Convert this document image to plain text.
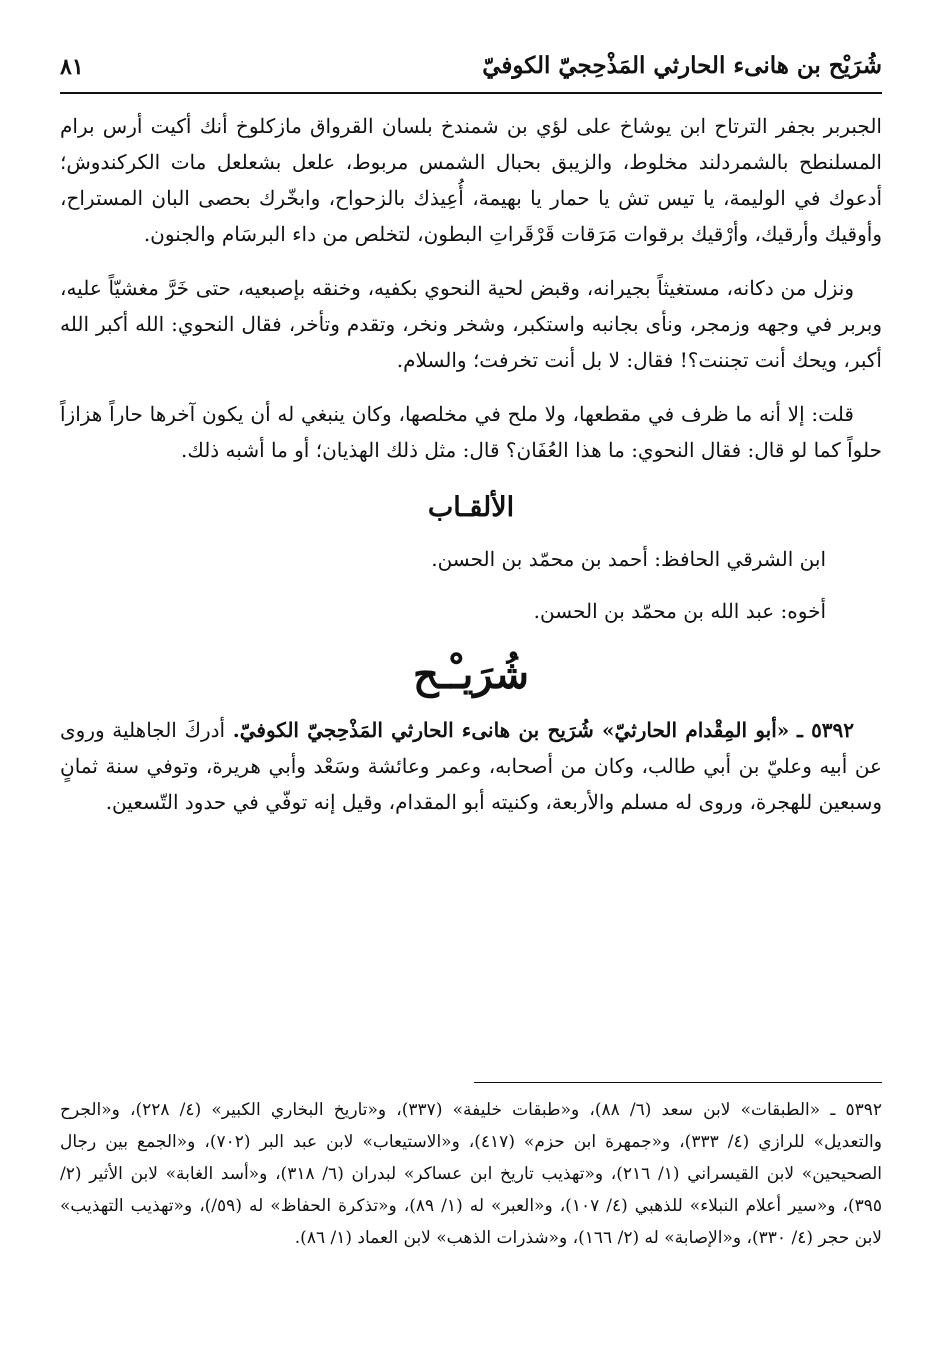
شُرَيْح بن هانىء الحارثي المَذْحِجيّ الكوفيّ
٨١

الجبربر بجفر الترتاح ابن يوشاخ على لؤي بن شمندخ بلسان القرواق مازكلوخ أنك أكيت أرس برام المسلنطح بالشمردلند مخلوط، والزيبق بحبال الشمس مربوط، علعل بشعلعل مات الكركندوش؛ أدعوك في الوليمة، يا تيس تش يا حمار يا بهيمة، أُعِيذك بالزحواح، وابخّرك بحصى البان المستراح، وأوقيك وأرقيك، وأرْقيك برقوات مَرَقات قَرْقَراتِ البطون، لتخلص من داء البرسَام والجنون.

ونزل من دكانه، مستغيثاً بجيرانه، وقبض لحية النحوي بكفيه، وخنقه بإصبعيه، حتى خَرَّ مغشيّاً عليه، وبربر في وجهه وزمجر، ونأى بجانبه واستكبر، وشخر ونخر، وتقدم وتأخر، فقال النحوي: الله أكبر الله أكبر، ويحك أنت تجننت؟! فقال: لا بل أنت تخرفت؛ والسلام.

قلت: إلا أنه ما ظرف في مقطعها، ولا ملح في مخلصها، وكان ينبغي له أن يكون آخرها حاراً هزازاً حلواً كما لو قال: فقال النحوي: ما هذا العُفَان؟ قال: مثل ذلك الهذيان؛ أو ما أشبه ذلك.

الألقـاب

ابن الشرقي الحافظ: أحمد بن محمّد بن الحسن.

أخوه: عبد الله بن محمّد بن الحسن.

شُرَيـْـح

٥٣٩٢ ـ «أبو المِقْدام الحارثيّ» شُرَيح بن هانىء الحارثي المَذْحِجيّ الكوفيّ. أدركَ الجاهلية وروى عن أبيه وعليّ بن أبي طالب، وكان من أصحابه، وعمر وعائشة وسَعْد وأبي هريرة، وتوفي سنة ثمانٍ وسبعين للهجرة، وروى له مسلم والأربعة، وكنيته أبو المقدام، وقيل إنه توفّي في حدود التّسعين.

٥٣٩٢ ـ «الطبقات» لابن سعد (٦/ ٨٨)، و«طبقات خليفة» (٣٣٧)، و«تاريخ البخاري الكبير» (٤/ ٢٢٨)، و«الجرح والتعديل» للرازي (٤/ ٣٣٣)، و«جمهرة ابن حزم» (٤١٧)، و«الاستيعاب» لابن عبد البر (٧٠٢)، و«الجمع بين رجال الصحيحين» لابن القيسراني (١/ ٢١٦)، و«تهذيب تاريخ ابن عساكر» لبدران (٦/ ٣١٨)، و«أسد الغابة» لابن الأثير (٢/ ٣٩٥)، و«سير أعلام النبلاء» للذهبي (٤/ ١٠٧)، و«العبر» له (١/ ٨٩)، و«تذكرة الحفاظ» له (٥٩/)، و«تهذيب التهذيب» لابن حجر (٤/ ٣٣٠)، و«الإصابة» له (٢/ ١٦٦)، و«شذرات الذهب» لابن العماد (١/ ٨٦).
